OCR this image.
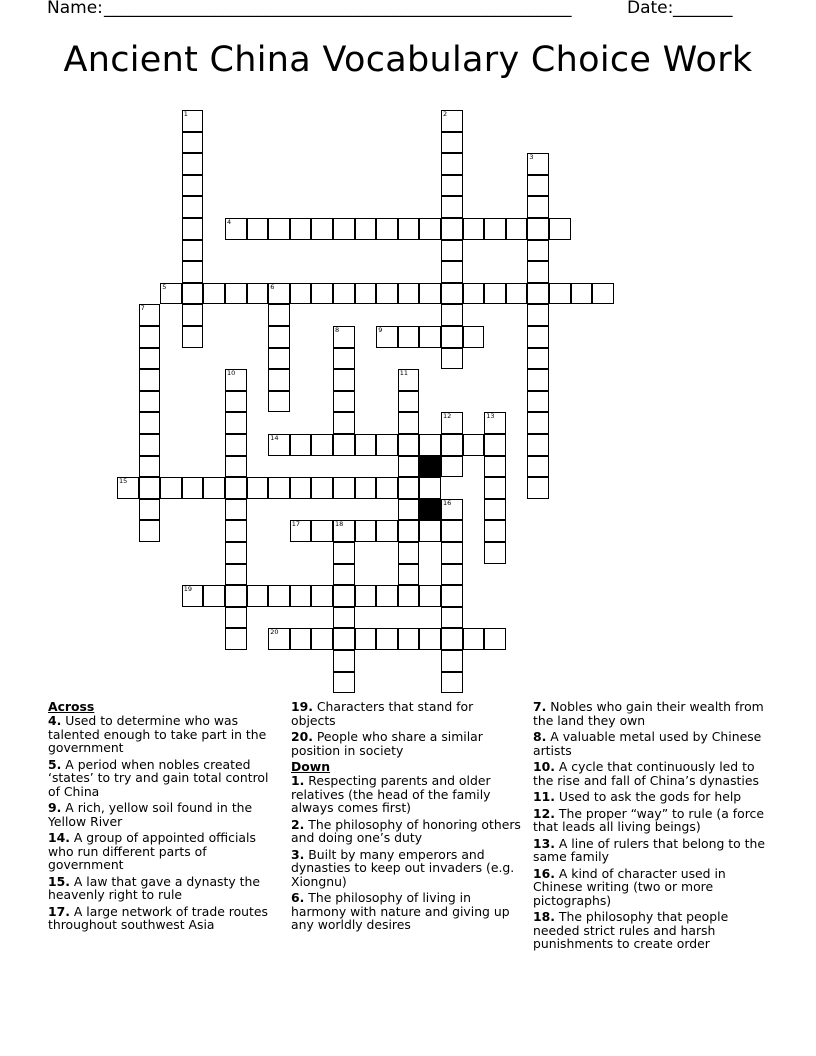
Name: _______________________________________________________	Date: _______
Ancient China Vocabulary Choice Work
1	2
3
4
5	6
7
8	9
10	11
12	13
14
15
16
17	18
19
20
Across
4. Used to determine who was talented enough to take part in the government
5. A period when nobles created ‘states’ to try and gain total control of China
9. A rich, yellow soil found in the Yellow River
14. A group of appointed officials who run different parts of government
15. A law that gave a dynasty the heavenly right to rule
17. A large network of trade routes throughout southwest Asia
19. Characters that stand for objects
20. People who share a similar position in society
Down
1. Respecting parents and older relatives (the head of the family always comes first)
2. The philosophy of honoring others and doing one’s duty
3. Built by many emperors and dynasties to keep out invaders (e.g. Xiongnu)
6. The philosophy of living in harmony with nature and giving up any worldly desires
7. Nobles who gain their wealth from the land they own
8. A valuable metal used by Chinese artists
10. A cycle that continuously led to the rise and fall of China’s dynasties
11. Used to ask the gods for help
12. The proper “way” to rule (a force that leads all living beings)
13. A line of rulers that belong to the same family
16. A kind of character used in Chinese writing (two or more pictographs)
18. The philosophy that people needed strict rules and harsh punishments to create order
